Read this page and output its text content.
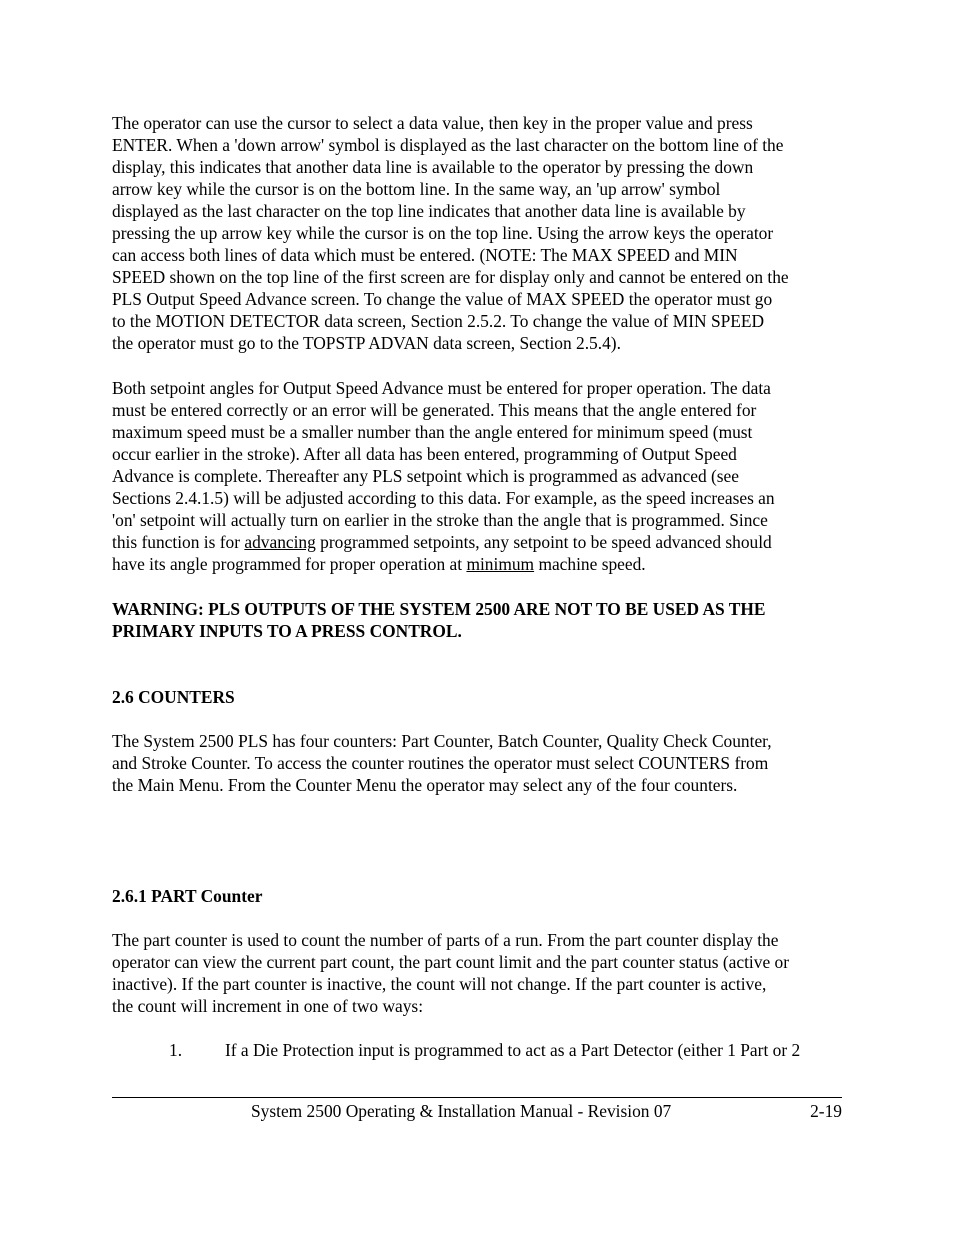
The operator can use the cursor to select a data value, then key in the proper value and press
ENTER. When a 'down arrow' symbol is displayed as the last character on the bottom line of the
display, this indicates that another data line is available to the operator by pressing the down
arrow key while the cursor is on the bottom line. In the same way, an 'up arrow' symbol
displayed as the last character on the top line indicates that another data line is available by
pressing the up arrow key while the cursor is on the top line. Using the arrow keys the operator
can access both lines of data which must be entered. (NOTE: The MAX SPEED and MIN
SPEED shown on the top line of the first screen are for display only and cannot be entered on the
PLS Output Speed Advance screen. To change the value of MAX SPEED the operator must go
to the MOTION DETECTOR data screen, Section 2.5.2. To change the value of MIN SPEED
the operator must go to the TOPSTP ADVAN data screen, Section 2.5.4).
Both setpoint angles for Output Speed Advance must be entered for proper operation. The data
must be entered correctly or an error will be generated. This means that the angle entered for
maximum speed must be a smaller number than the angle entered for minimum speed (must
occur earlier in the stroke). After all data has been entered, programming of Output Speed
Advance is complete. Thereafter any PLS setpoint which is programmed as advanced (see
Sections 2.4.1.5) will be adjusted according to this data. For example, as the speed increases an
'on' setpoint will actually turn on earlier in the stroke than the angle that is programmed. Since
this function is for advancing programmed setpoints, any setpoint to be speed advanced should
have its angle programmed for proper operation at minimum machine speed.
WARNING: PLS OUTPUTS OF THE SYSTEM 2500 ARE NOT TO BE USED AS THE
PRIMARY INPUTS TO A PRESS CONTROL.
2.6 COUNTERS
The System 2500 PLS has four counters: Part Counter, Batch Counter, Quality Check Counter,
and Stroke Counter. To access the counter routines the operator must select COUNTERS from
the Main Menu. From the Counter Menu the operator may select any of the four counters.
2.6.1 PART Counter
The part counter is used to count the number of parts of a run. From the part counter display the
operator can view the current part count, the part count limit and the part counter status (active or
inactive). If the part counter is inactive, the count will not change. If the part counter is active,
the count will increment in one of two ways:
1. If a Die Protection input is programmed to act as a Part Detector (either 1 Part or 2
System 2500 Operating & Installation Manual - Revision 07	2-19
